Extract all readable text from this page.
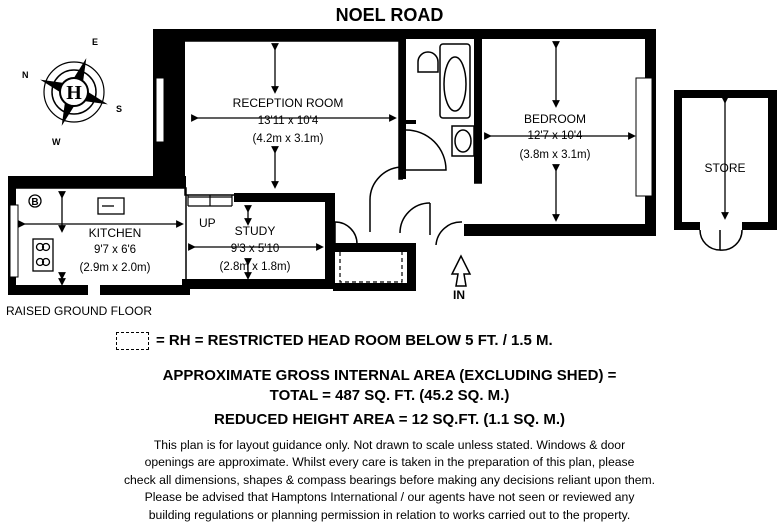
NOEL ROAD
B
H
E
N
S
W
IN
RECEPTION ROOM
13'11 x 10'4
(4.2m x 3.1m)
BEDROOM
12'7 x 10'4
(3.8m x 3.1m)
KITCHEN
9'7 x 6'6
(2.9m x 2.0m)
STUDY
9'3 x 5'10
(2.8m x 1.8m)
STORE
UP
RAISED GROUND FLOOR
= RH = RESTRICTED HEAD ROOM BELOW 5 FT. / 1.5 M.
APPROXIMATE GROSS INTERNAL AREA (EXCLUDING SHED) =
TOTAL = 487 SQ. FT. (45.2 SQ. M.)
REDUCED HEIGHT AREA = 12 SQ.FT. (1.1 SQ. M.)
This plan is for layout guidance only. Not drawn to scale unless stated. Windows & door
openings are approximate. Whilst every care is taken in the preparation of this plan, please
check all dimensions, shapes & compass bearings before making any decisions reliant upon them.
Please be advised that Hamptons International / our agents have not seen or reviewed any
building regulations or planning permission in relation to works carried out to the property.
